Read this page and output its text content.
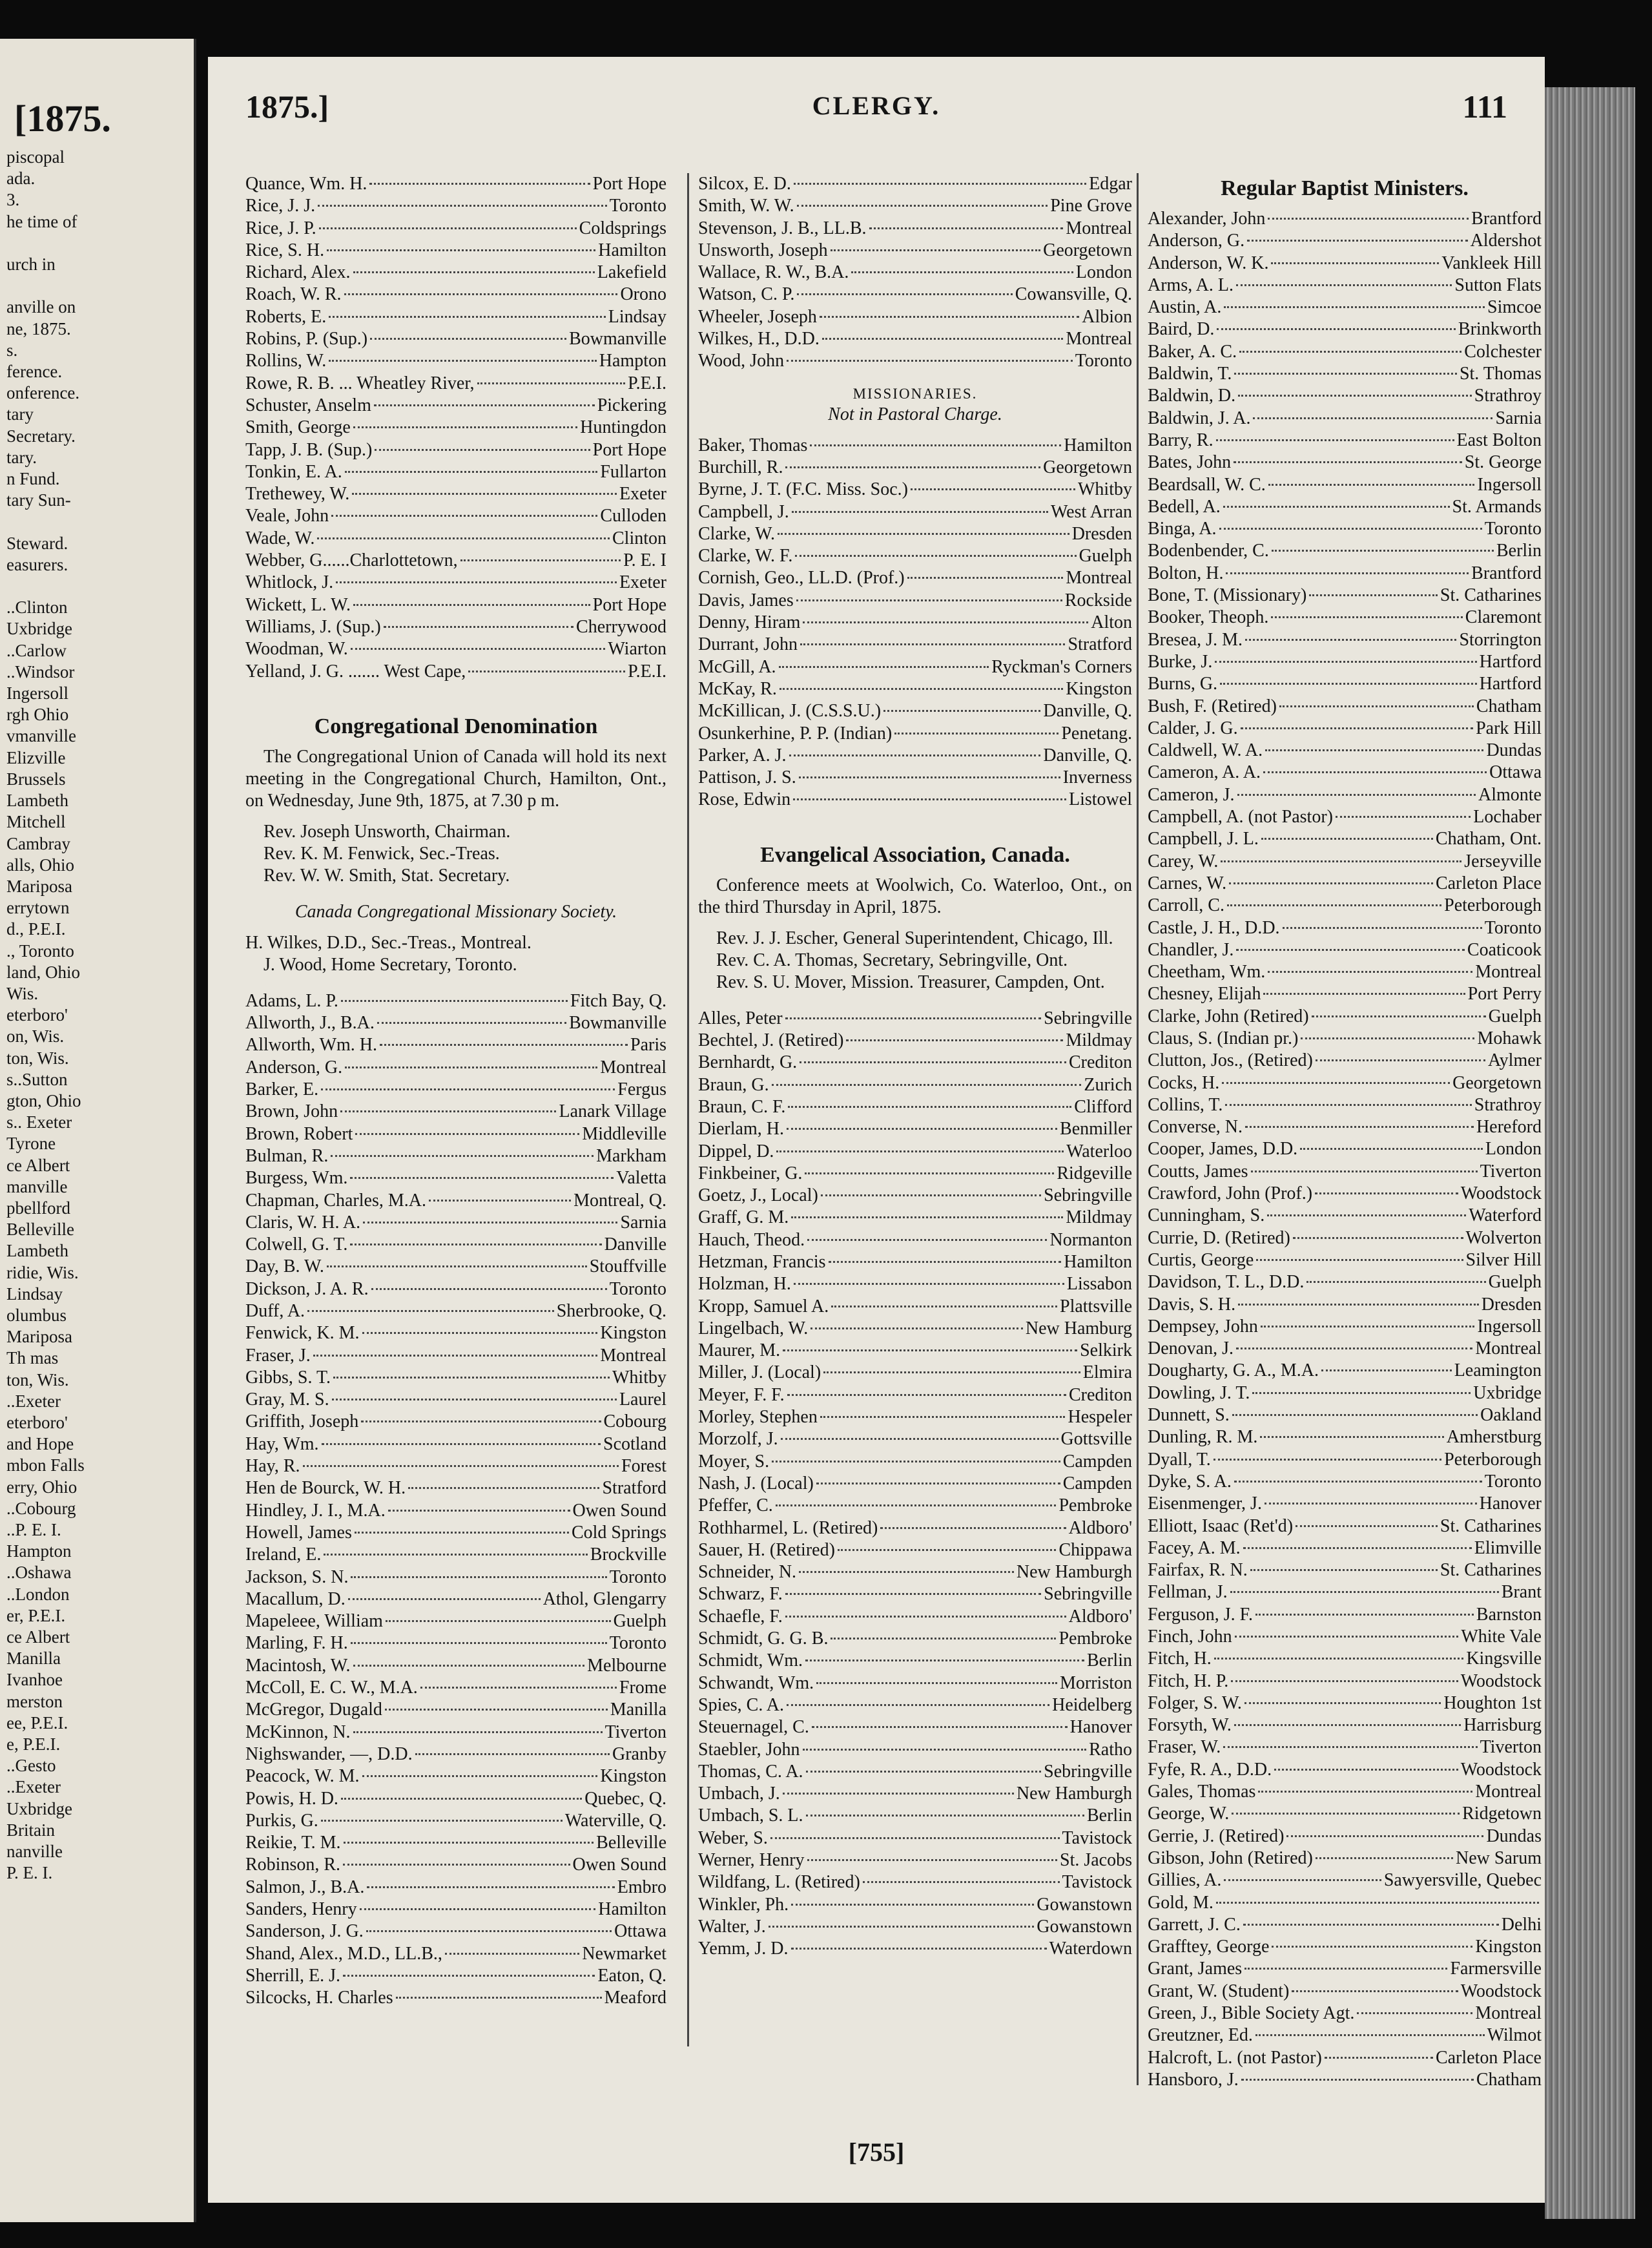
[1875.
piscopal
ada.
3.
he time of

urch in

anville on
ne, 1875.
s.
ference.
onference.
tary
Secretary.
tary.
n Fund.
tary Sun-

Steward.
easurers.

..Clinton
Uxbridge
..Carlow
..Windsor
Ingersoll
rgh Ohio
vmanville
Elizville
Brussels
Lambeth
Mitchell
Cambray
alls, Ohio
Mariposa
errytown
d., P.E.I.
., Toronto
land, Ohio
Wis.
eterboro'
on, Wis.
ton, Wis.
s..Sutton
gton, Ohio
s.. Exeter
Tyrone
ce Albert
manville
pbellford
Belleville
Lambeth
ridie, Wis.
Lindsay
olumbus
Mariposa
Th mas
ton, Wis.
..Exeter
eterboro'
and Hope
mbon Falls
erry, Ohio
..Cobourg
..P. E. I.
Hampton
..Oshawa
..London
er, P.E.I.
ce Albert
Manilla
Ivanhoe
merston
ee, P.E.I.
e, P.E.I.
..Gesto
..Exeter
Uxbridge
Britain
nanville
P. E. I.
1875.]	CLERGY.	111
Quance, Wm. H.	Port Hope
Rice, J. J.	Toronto
Rice, J. P.	Coldsprings
Rice, S. H.	Hamilton
Richard, Alex.	Lakefield
Roach, W. R.	Orono
Roberts, E.	Lindsay
Robins, P. (Sup.)	Bowmanville
Rollins, W.	Hampton
Rowe, R. B. ... Wheatley River,	P.E.I.
Schuster, Anselm	Pickering
Smith, George	Huntingdon
Tapp, J. B. (Sup.)	Port Hope
Tonkin, E. A.	Fullarton
Trethewey, W.	Exeter
Veale, John	Culloden
Wade, W.	Clinton
Webber, G......Charlottetown,	P. E. I
Whitlock, J.	Exeter
Wickett, L. W.	Port Hope
Williams, J. (Sup.)	Cherrywood
Woodman, W.	Wiarton
Yelland, J. G. ....... West Cape,	P.E.I.
Congregational Denomination
The Congregational Union of Canada will hold its next meeting in the Congregational Church, Hamilton, Ont., on Wednesday, June 9th, 1875, at 7.30 p m.
Rev. Joseph Unsworth, Chairman.
Rev. K. M. Fenwick, Sec.-Treas.
Rev. W. W. Smith, Stat. Secretary.
Canada Congregational Missionary Society.
H. Wilkes, D.D., Sec.-Treas., Montreal.
J. Wood, Home Secretary, Toronto.
Adams, L. P.	Fitch Bay, Q.
Allworth, J., B.A.	Bowmanville
Allworth, Wm. H.	Paris
Anderson, G.	Montreal
Barker, E.	Fergus
Brown, John	Lanark Village
Brown, Robert	Middleville
Bulman, R.	Markham
Burgess, Wm.	Valetta
Chapman, Charles, M.A.	Montreal, Q.
Claris, W. H. A.	Sarnia
Colwell, G. T.	Danville
Day, B. W.	Stouffville
Dickson, J. A. R.	Toronto
Duff, A.	Sherbrooke, Q.
Fenwick, K. M.	Kingston
Fraser, J.	Montreal
Gibbs, S. T.	Whitby
Gray, M. S.	Laurel
Griffith, Joseph	Cobourg
Hay, Wm.	Scotland
Hay, R.	Forest
Hen de Bourck, W. H.	Stratford
Hindley, J. I., M.A.	Owen Sound
Howell, James	Cold Springs
Ireland, E.	Brockville
Jackson, S. N.	Toronto
Macallum, D.	Athol, Glengarry
Mapeleee, William	Guelph
Marling, F. H.	Toronto
Macintosh, W.	Melbourne
McColl, E. C. W., M.A.	Frome
McGregor, Dugald	Manilla
McKinnon, N.	Tiverton
Nighswander, —, D.D.	Granby
Peacock, W. M.	Kingston
Powis, H. D.	Quebec, Q.
Purkis, G.	Waterville, Q.
Reikie, T. M.	Belleville
Robinson, R.	Owen Sound
Salmon, J., B.A.	Embro
Sanders, Henry	Hamilton
Sanderson, J. G.	Ottawa
Shand, Alex., M.D., LL.B.,	Newmarket
Sherrill, E. J.	Eaton, Q.
Silcocks, H. Charles	Meaford
Silcox, E. D.	Edgar
Smith, W. W.	Pine Grove
Stevenson, J. B., LL.B.	Montreal
Unsworth, Joseph	Georgetown
Wallace, R. W., B.A.	London
Watson, C. P.	Cowansville, Q.
Wheeler, Joseph	Albion
Wilkes, H., D.D.	Montreal
Wood, John	Toronto
MISSIONARIES.
Not in Pastoral Charge.
Baker, Thomas	Hamilton
Burchill, R.	Georgetown
Byrne, J. T. (F.C. Miss. Soc.)	Whitby
Campbell, J.	West Arran
Clarke, W.	Dresden
Clarke, W. F.	Guelph
Cornish, Geo., LL.D. (Prof.)	Montreal
Davis, James	Rockside
Denny, Hiram	Alton
Durrant, John	Stratford
McGill, A.	Ryckman's Corners
McKay, R.	Kingston
McKillican, J. (C.S.S.U.)	Danville, Q.
Osunkerhine, P. P. (Indian)	Penetang.
Parker, A. J.	Danville, Q.
Pattison, J. S.	Inverness
Rose, Edwin	Listowel
Evangelical Association, Canada.
Conference meets at Woolwich, Co. Waterloo, Ont., on the third Thursday in April, 1875.
Rev. J. J. Escher, General Superintendent, Chicago, Ill.
Rev. C. A. Thomas, Secretary, Sebringville, Ont.
Rev. S. U. Mover, Mission. Treasurer, Campden, Ont.
Alles, Peter	Sebringville
Bechtel, J. (Retired)	Mildmay
Bernhardt, G.	Crediton
Braun, G.	Zurich
Braun, C. F.	Clifford
Dierlam, H.	Benmiller
Dippel, D.	Waterloo
Finkbeiner, G.	Ridgeville
Goetz, J., Local)	Sebringville
Graff, G. M.	Mildmay
Hauch, Theod.	Normanton
Hetzman, Francis	Hamilton
Holzman, H.	Lissabon
Kropp, Samuel A.	Plattsville
Lingelbach, W.	New Hamburg
Maurer, M.	Selkirk
Miller, J. (Local)	Elmira
Meyer, F. F.	Crediton
Morley, Stephen	Hespeler
Morzolf, J.	Gottsville
Moyer, S.	Campden
Nash, J. (Local)	Campden
Pfeffer, C.	Pembroke
Rothharmel, L. (Retired)	Aldboro'
Sauer, H. (Retired)	Chippawa
Schneider, N.	New Hamburgh
Schwarz, F.	Sebringville
Schaefle, F.	Aldboro'
Schmidt, G. G. B.	Pembroke
Schmidt, Wm.	Berlin
Schwandt, Wm.	Morriston
Spies, C. A.	Heidelberg
Steuernagel, C.	Hanover
Staebler, John	Ratho
Thomas, C. A.	Sebringville
Umbach, J.	New Hamburgh
Umbach, S. L.	Berlin
Weber, S.	Tavistock
Werner, Henry	St. Jacobs
Wildfang, L. (Retired)	Tavistock
Winkler, Ph.	Gowanstown
Walter, J.	Gowanstown
Yemm, J. D.	Waterdown
Regular Baptist Ministers.
Alexander, John	Brantford
Anderson, G.	Aldershot
Anderson, W. K.	Vankleek Hill
Arms, A. L.	Sutton Flats
Austin, A.	Simcoe
Baird, D.	Brinkworth
Baker, A. C.	Colchester
Baldwin, T.	St. Thomas
Baldwin, D.	Strathroy
Baldwin, J. A.	Sarnia
Barry, R.	East Bolton
Bates, John	St. George
Beardsall, W. C.	Ingersoll
Bedell, A.	St. Armands
Binga, A.	Toronto
Bodenbender, C.	Berlin
Bolton, H.	Brantford
Bone, T. (Missionary)	St. Catharines
Booker, Theoph.	Claremont
Bresea, J. M.	Storrington
Burke, J.	Hartford
Burns, G.	Hartford
Bush, F. (Retired)	Chatham
Calder, J. G.	Park Hill
Caldwell, W. A.	Dundas
Cameron, A. A.	Ottawa
Cameron, J.	Almonte
Campbell, A. (not Pastor)	Lochaber
Campbell, J. L.	Chatham, Ont.
Carey, W.	Jerseyville
Carnes, W.	Carleton Place
Carroll, C.	Peterborough
Castle, J. H., D.D.	Toronto
Chandler, J.	Coaticook
Cheetham, Wm.	Montreal
Chesney, Elijah	Port Perry
Clarke, John (Retired)	Guelph
Claus, S. (Indian pr.)	Mohawk
Clutton, Jos., (Retired)	Aylmer
Cocks, H.	Georgetown
Collins, T.	Strathroy
Converse, N.	Hereford
Cooper, James, D.D.	London
Coutts, James	Tiverton
Crawford, John (Prof.)	Woodstock
Cunningham, S.	Waterford
Currie, D. (Retired)	Wolverton
Curtis, George	Silver Hill
Davidson, T. L., D.D.	Guelph
Davis, S. H.	Dresden
Dempsey, John	Ingersoll
Denovan, J.	Montreal
Dougharty, G. A., M.A.	Leamington
Dowling, J. T.	Uxbridge
Dunnett, S.	Oakland
Dunling, R. M.	Amherstburg
Dyall, T.	Peterborough
Dyke, S. A.	Toronto
Eisenmenger, J.	Hanover
Elliott, Isaac (Ret'd)	St. Catharines
Facey, A. M.	Elimville
Fairfax, R. N.	St. Catharines
Fellman, J.	Brant
Ferguson, J. F.	Barnston
Finch, John	White Vale
Fitch, H.	Kingsville
Fitch, H. P.	Woodstock
Folger, S. W.	Houghton 1st
Forsyth, W.	Harrisburg
Fraser, W.	Tiverton
Fyfe, R. A., D.D.	Woodstock
Gales, Thomas	Montreal
George, W.	Ridgetown
Gerrie, J. (Retired)	Dundas
Gibson, John (Retired)	New Sarum
Gillies, A.	Sawyersville, Quebec
Gold, M.
Garrett, J. C.	Delhi
Grafftey, George	Kingston
Grant, James	Farmersville
Grant, W. (Student)	Woodstock
Green, J., Bible Society Agt.	Montreal
Greutzner, Ed.	Wilmot
Halcroft, L. (not Pastor)	Carleton Place
Hansboro, J.	Chatham
[755]
